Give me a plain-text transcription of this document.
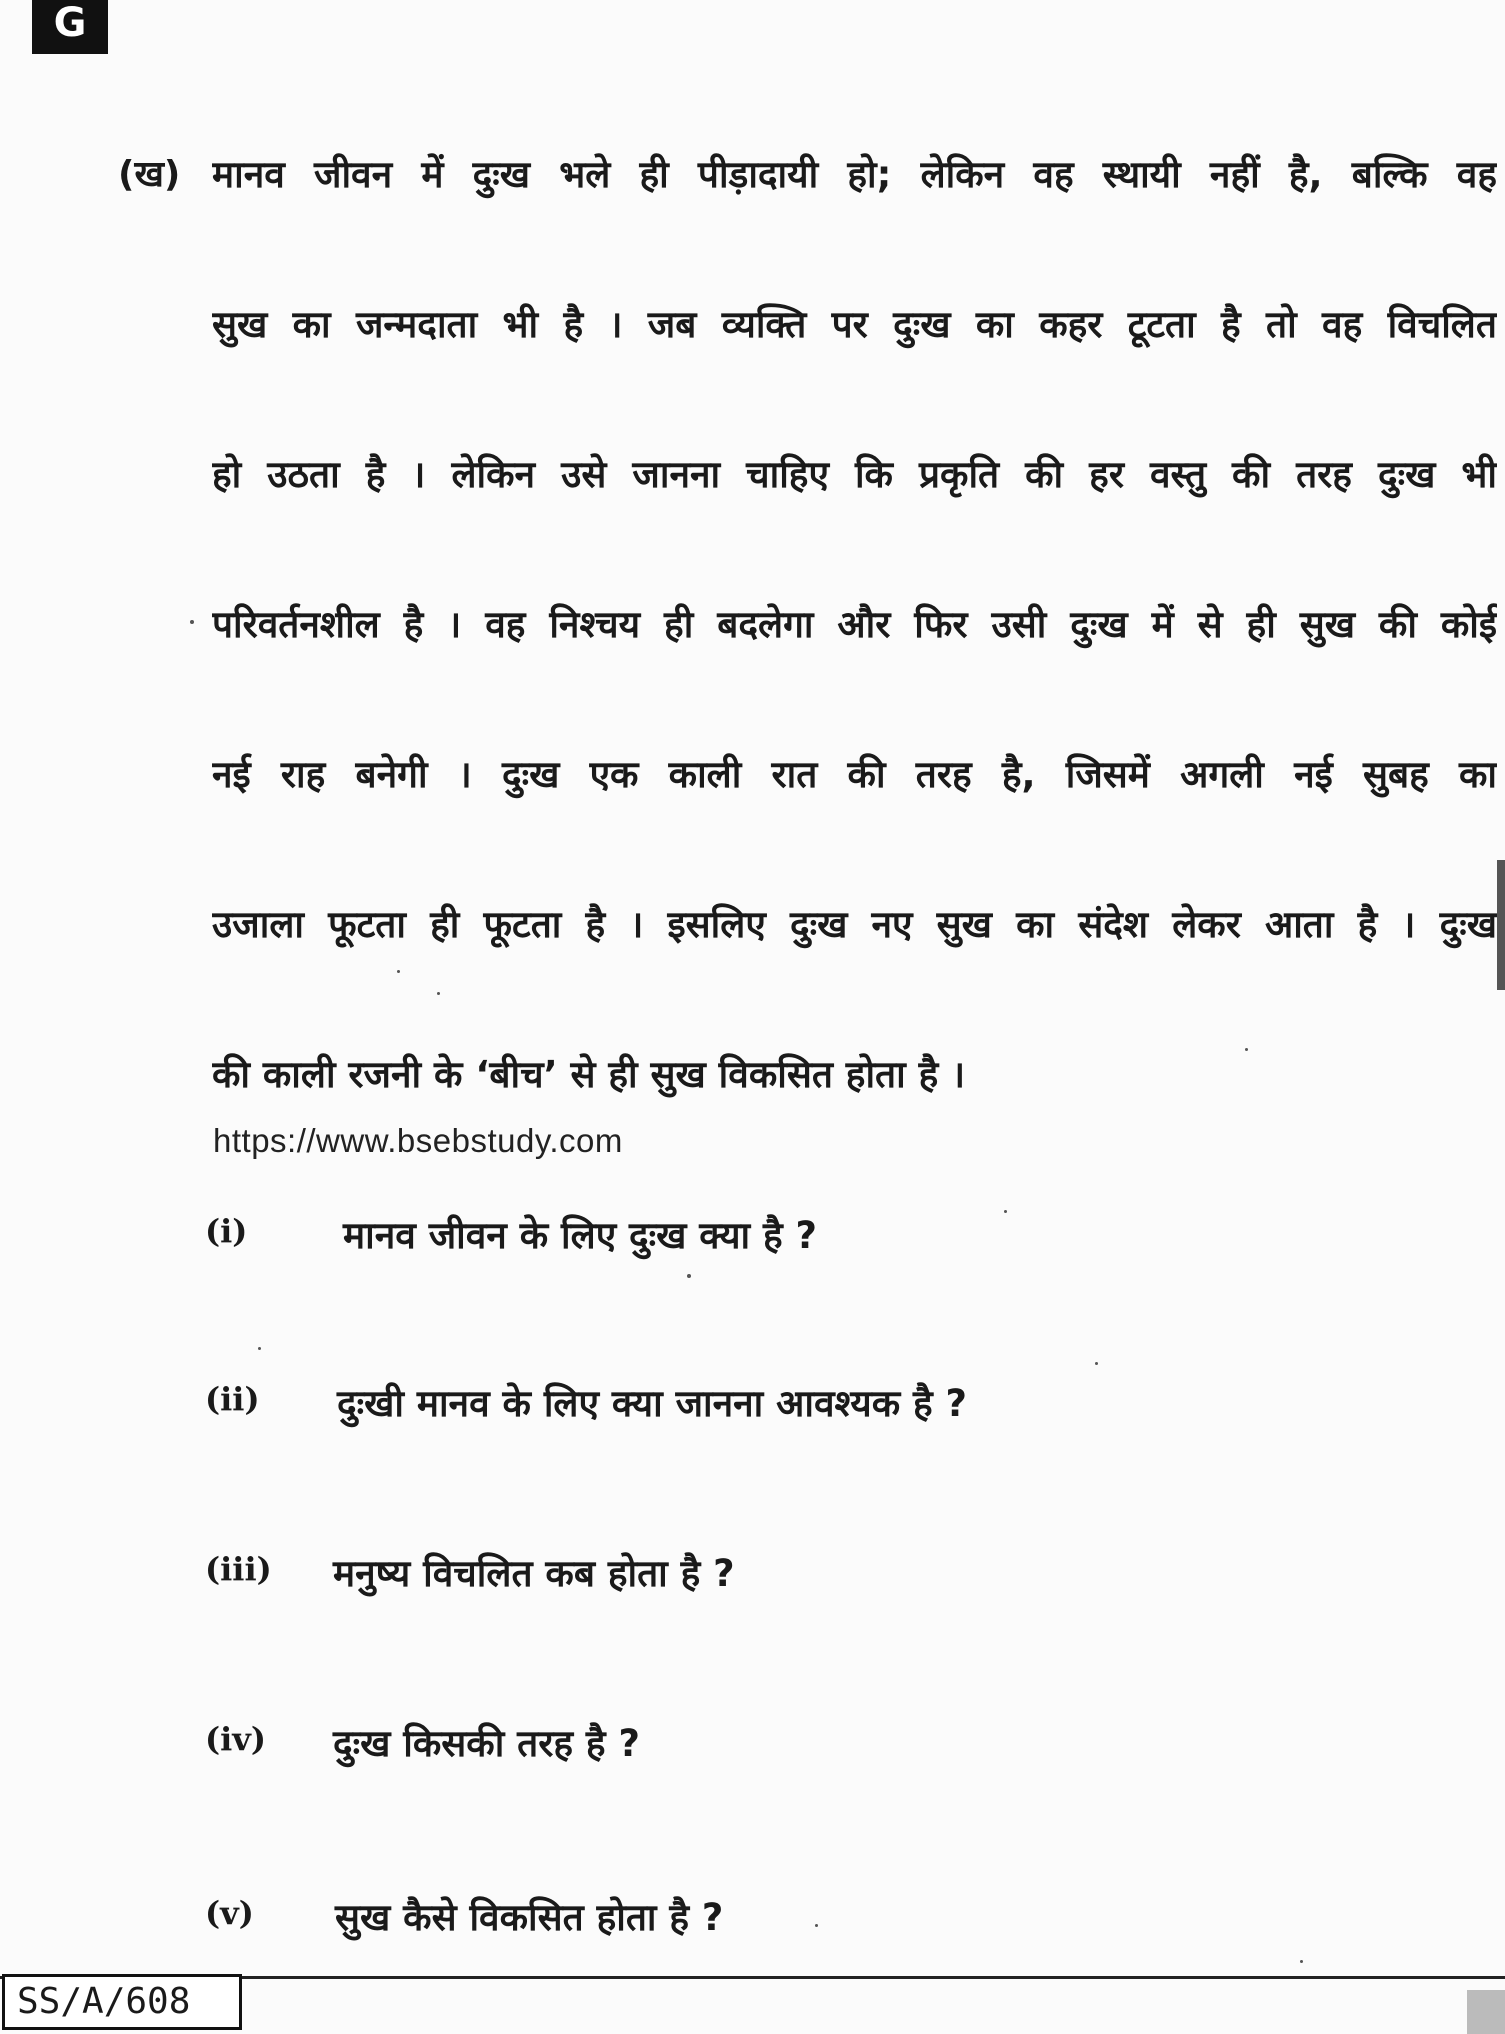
G
(ख) मानव जीवन में दुःख भले ही पीड़ादायी हो; लेकिन वह स्थायी नहीं है, बल्कि वह
सुख का जन्मदाता भी है । जब व्यक्ति पर दुःख का कहर टूटता है तो वह विचलित
हो उठता है । लेकिन उसे जानना चाहिए कि प्रकृति की हर वस्तु की तरह दुःख भी
परिवर्तनशील है । वह निश्चय ही बदलेगा और फिर उसी दुःख में से ही सुख की कोई
नई राह बनेगी । दुःख एक काली रात की तरह है, जिसमें अगली नई सुबह का
उजाला फूटता ही फूटता है । इसलिए दुःख नए सुख का संदेश लेकर आता है । दुःख
की काली रजनी के ‘बीच’ से ही सुख विकसित होता है ।
https://www.bsebstudy.com
(i)	मानव जीवन के लिए दुःख क्या है ?
(ii) दुःखी मानव के लिए क्या जानना आवश्यक है ?
(iii) मनुष्य विचलित कब होता है ?
(iv) दुःख किसकी तरह है ?
(v) सुख कैसे विकसित होता है ?
SS/A/608
